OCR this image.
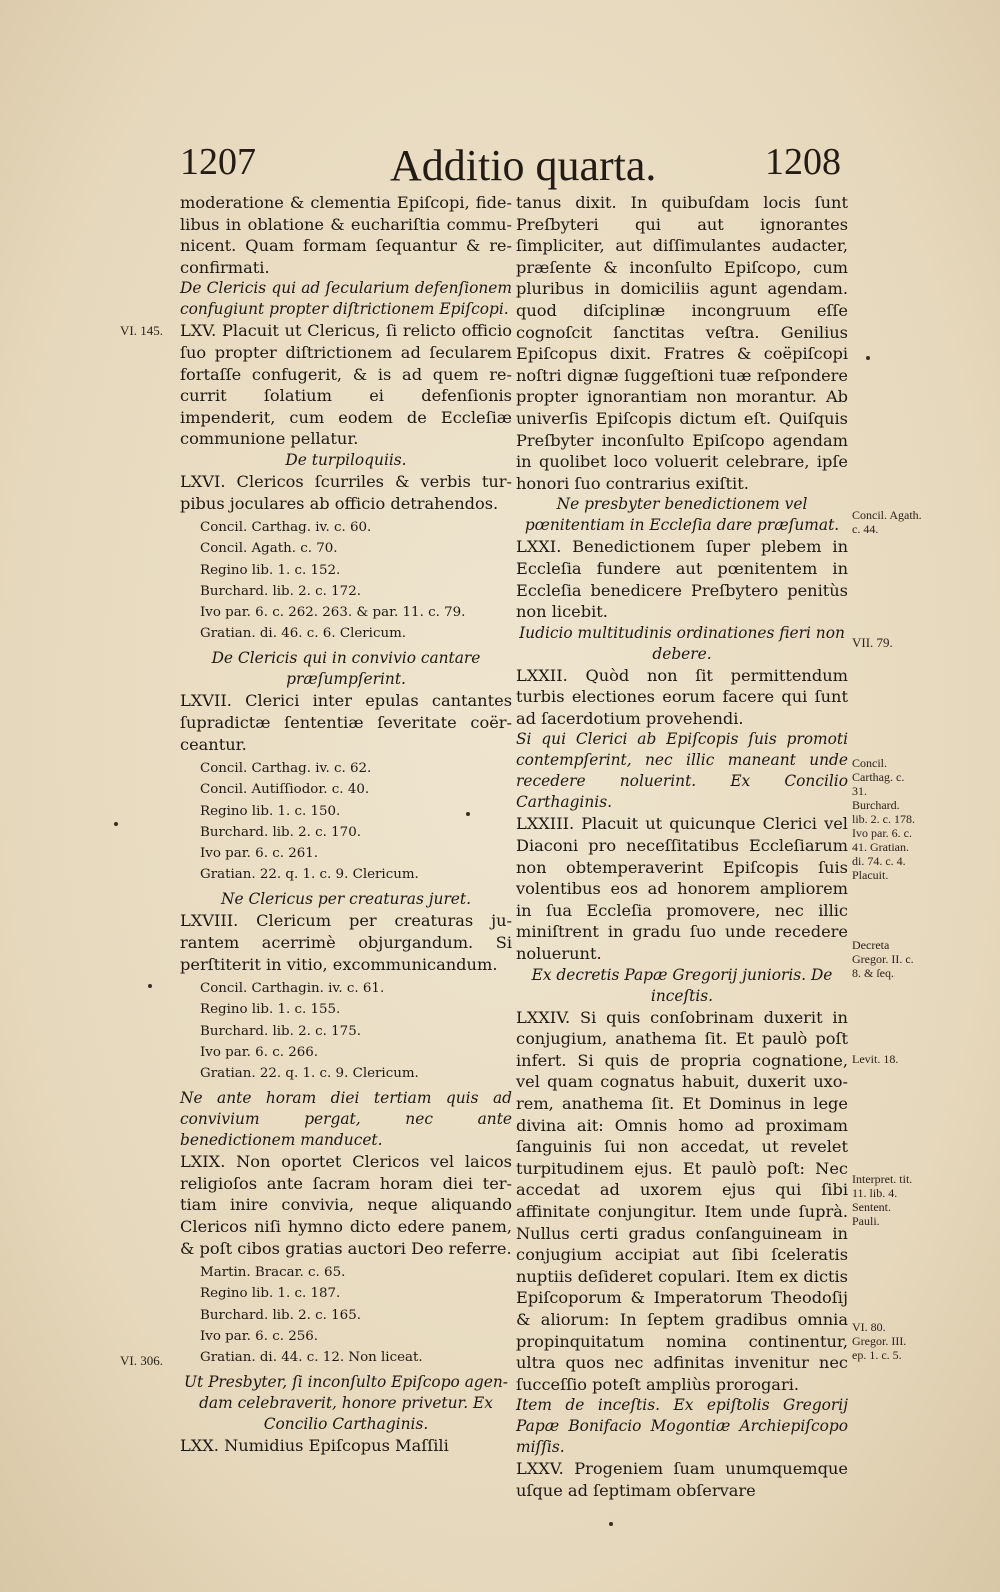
1207	Additio quarta.	1208

moderatione & clementia Epiſcopi, fidelibus in oblatione & euchariſtia communicent. Quam formam ſequantur & reconfirmati.

De Clericis qui ad ſecularium defenſionem confugiunt propter diſtrictionem Epiſcopi.

LXV. Placuit ut Clericus, ſi relicto officio ſuo propter diſtrictionem ad ſecularem fortaſſe confugerit, & is ad quem recurrit ſolatium ei defenſionis impenderit, cum eodem de Eccleſiæ communione pellatur.

De turpiloquiis.

LXVI. Clericos ſcurriles & verbis turpibus joculares ab officio detrahendos.

Concil. Carthag. iv. c. 60.
Concil. Agath. c. 70.
Regino lib. 1. c. 152.
Burchard. lib. 2. c. 172.
Ivo par. 6. c. 262. 263. & par. 11. c. 79.
Gratian. di. 46. c. 6. Clericum.

De Clericis qui in convivio cantare præſumpſerint.

LXVII. Clerici inter epulas cantantes ſupradictæ ſententiæ ſeveritate coërceantur.

Concil. Carthag. iv. c. 62.
Concil. Autiſſiodor. c. 40.
Regino lib. 1. c. 150.
Burchard. lib. 2. c. 170.
Ivo par. 6. c. 261.
Gratian. 22. q. 1. c. 9. Clericum.

Ne Clericus per creaturas juret.

LXVIII. Clericum per creaturas jurantem acerrimè objurgandum. Si perſtiterit in vitio, excommunicandum.

Concil. Carthagin. iv. c. 61.
Regino lib. 1. c. 155.
Burchard. lib. 2. c. 175.
Ivo par. 6. c. 266.
Gratian. 22. q. 1. c. 9. Clericum.

Ne ante horam diei tertiam quis ad convivium pergat, nec ante benedictionem manducet.

LXIX. Non oportet Clericos vel laicos religioſos ante ſacram horam diei tertiam inire convivia, neque aliquando Clericos niſi hymno dicto edere panem, & poſt cibos gratias auctori Deo referre.

Martin. Bracar. c. 65.
Regino lib. 1. c. 187.
Burchard. lib. 2. c. 165.
Ivo par. 6. c. 256.
Gratian. di. 44. c. 12. Non liceat.

Ut Presbyter, ſi inconſulto Epiſcopo agendam celebraverit, honore privetur. Ex Concilio Carthaginis.

LXX. Numidius Epiſcopus Maſſili

tanus dixit. In quibuſdam locis ſunt Preſbyteri qui aut ignorantes ſimpliciter, aut diſſimulantes audacter, præſente & inconſulto Epiſcopo, cum pluribus in domiciliis agunt agendam. quod diſciplinæ incongruum eſſe cognoſcit ſanctitas veſtra. Genilius Epiſcopus dixit. Fratres & coëpiſcopi noſtri dignæ ſuggeſtioni tuæ reſpondere propter ignorantiam non morantur. Ab univerſis Epiſcopis dictum eſt. Quiſquis Preſbyter inconſulto Epiſcopo agendam in quolibet loco voluerit celebrare, ipſe honori ſuo contrarius exiſtit.

Ne presbyter benedictionem vel pœnitentiam in Eccleſia dare præſumat.

LXXI. Benedictionem ſuper plebem in Eccleſia fundere aut pœnitentem in Eccleſia benedicere Preſbytero penitùs non licebit.

Iudicio multitudinis ordinationes fieri non debere.

LXXII. Quòd non ſit permittendum turbis electiones eorum facere qui ſunt ad ſacerdotium provehendi.

Si qui Clerici ab Epiſcopis ſuis promoti contempſerint, nec illic maneant unde recedere noluerint. Ex Concilio Carthaginis.

LXXIII. Placuit ut quicunque Clerici vel Diaconi pro neceſſitatibus Eccleſiarum non obtemperaverint Epiſcopis ſuis volentibus eos ad honorem ampliorem in ſua Eccleſia promovere, nec illic miniſtrent in gradu ſuo unde recedere noluerunt.

Ex decretis Papæ Gregorij junioris. De inceſtis.

LXXIV. Si quis conſobrinam duxerit in conjugium, anathema ſit. Et paulò poſt infert. Si quis de propria cognatione, vel quam cognatus habuit, duxerit uxorem, anathema ſit. Et Dominus in lege divina ait: Omnis homo ad proximam ſanguinis ſui non accedat, ut revelet turpitudinem ejus. Et paulò poſt: Nec accedat ad uxorem ejus qui ſibi affinitate conjungitur. Item unde ſuprà. Nullus certi gradus conſanguineam in conjugium accipiat aut ſibi ſceleratis nuptiis deſideret copulari. Item ex dictis Epiſcoporum & Imperatorum Theodoſij & aliorum: In ſeptem gradibus omnia propinquitatum nomina continentur, ultra quos nec adfinitas invenitur nec ſucceſſio poteſt ampliùs prorogari.

Item de inceſtis. Ex epiſtolis Gregorij Papæ Bonifacio Mogontiæ Archiepiſcopo miſſis.

LXXV. Progeniem ſuam unumquemque uſque ad ſeptimam obſervare

VI. 145.
VI. 306.
Concil. Agath. c. 44.
VII. 79.
Concil. Carthag. c. 31. Burchard. lib. 2. c. 178. Ivo par. 6. c. 41. Gratian. di. 74. c. 4. Placuit.
Decreta Gregor. II. c. 8. & ſeq.
Levit. 18.
Interpret. tit. 11. lib. 4. Sentent. Pauli.
VI. 80. Gregor. III. ep. 1. c. 5.
